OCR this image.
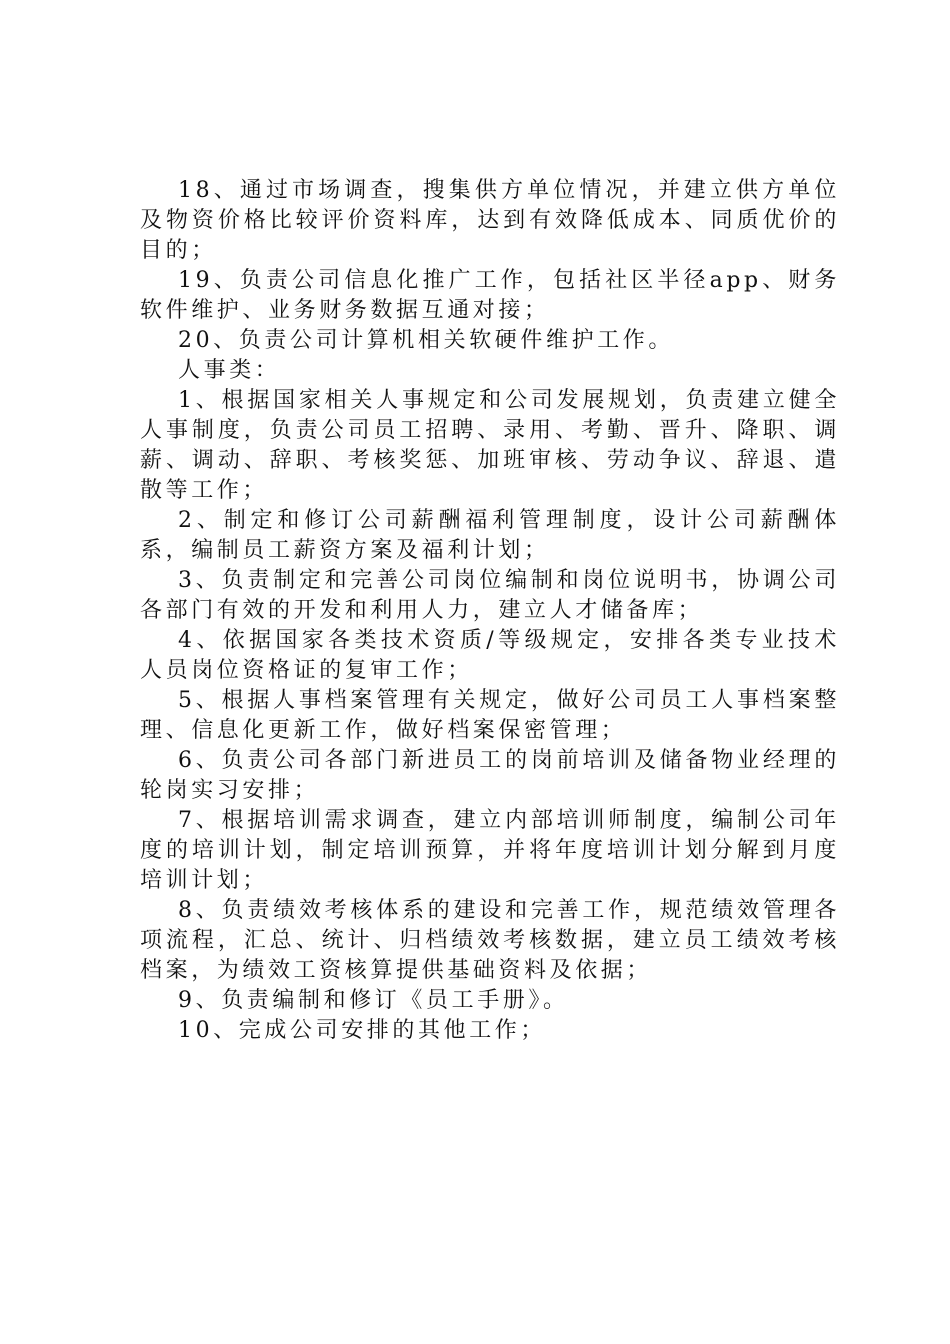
18、通过市场调查，搜集供方单位情况，并建立供方单位及物资价格比较评价资料库，达到有效降低成本、同质优价的目的；

19、负责公司信息化推广工作，包括社区半径app、财务软件维护、业务财务数据互通对接；

20、负责公司计算机相关软硬件维护工作。

人事类：

1、根据国家相关人事规定和公司发展规划，负责建立健全人事制度，负责公司员工招聘、录用、考勤、晋升、降职、调薪、调动、辞职、考核奖惩、加班审核、劳动争议、辞退、遣散等工作；

2、制定和修订公司薪酬福利管理制度，设计公司薪酬体系，编制员工薪资方案及福利计划；

3、负责制定和完善公司岗位编制和岗位说明书，协调公司各部门有效的开发和利用人力，建立人才储备库；

4、依据国家各类技术资质/等级规定，安排各类专业技术人员岗位资格证的复审工作；

5、根据人事档案管理有关规定，做好公司员工人事档案整理、信息化更新工作，做好档案保密管理；

6、负责公司各部门新进员工的岗前培训及储备物业经理的轮岗实习安排；

7、根据培训需求调查，建立内部培训师制度，编制公司年度的培训计划，制定培训预算，并将年度培训计划分解到月度培训计划；

8、负责绩效考核体系的建设和完善工作，规范绩效管理各项流程，汇总、统计、归档绩效考核数据，建立员工绩效考核档案，为绩效工资核算提供基础资料及依据；

9、负责编制和修订《员工手册》。

10、完成公司安排的其他工作；
